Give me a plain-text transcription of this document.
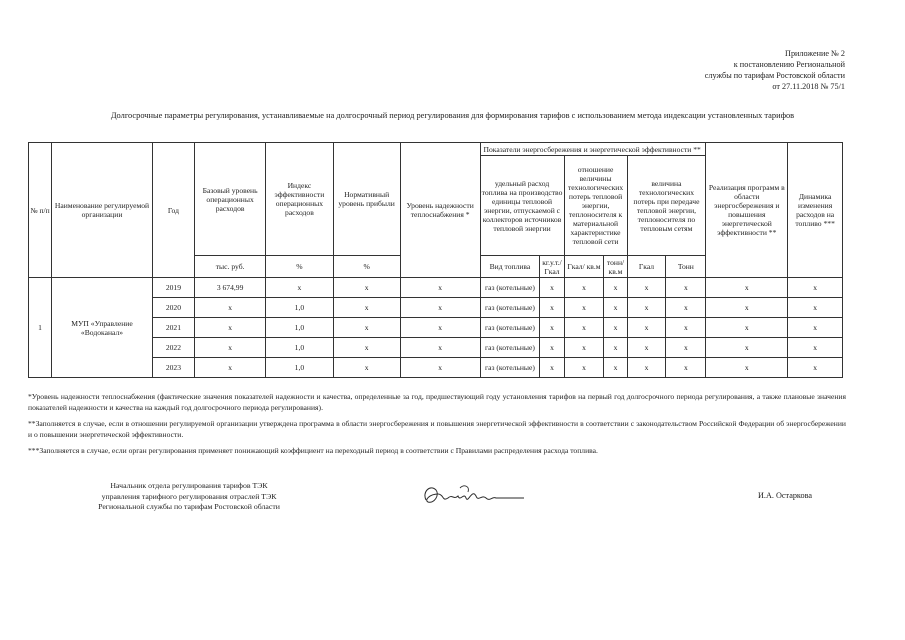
Приложение № 2
к постановлению Региональной
службы по тарифам Ростовской области
от 27.11.2018 № 75/1
Долгосрочные параметры регулирования, устанавливаемые на долгосрочный период регулирования для формирования тарифов с использованием метода индексации установленных тарифов
№ п/п	Наименование регулируемой организации	Год	Базовый уровень операционных расходов	Индекс эффективности операционных расходов	Нормативный уровень прибыли	Уровень надежности теплоснабжения *	Показатели энергосбережения и энергетической эффективности **						Реализация программ в области энергосбережения и повышения энергетической эффективности **	Динамика изменения расходов на топливо ***
							удельный расход топлива на производство единицы тепловой энергии, отпускаемой с коллекторов источников тепловой энергии		отношение величины технологических потерь тепловой энергии, теплоносителя к материальной характеристике тепловой сети		величина технологических потерь при передаче тепловой энергии, теплоносителя по тепловым сетям			
			тыс. руб.	%	%		Вид топлива	кг.у.т./Гкал	Гкал/ кв.м	тонн/кв.м	Гкал	Тонн		
1	МУП «Управление «Водоканал»	2019	3 674,99	x	x	x	газ (котельные)	x	x	x	x	x	x	x
		2020	x	1,0	x	x	газ (котельные)	x	x	x	x	x	x	x
		2021	x	1,0	x	x	газ (котельные)	x	x	x	x	x	x	x
		2022	x	1,0	x	x	газ (котельные)	x	x	x	x	x	x	x
		2023	x	1,0	x	x	газ (котельные)	x	x	x	x	x	x	x

*Уровень надежности теплоснабжения (фактические значения показателей надежности и качества, определенные за год, предшествующий году установления тарифов на первый год долгосрочного периода регулирования, а также плановые значения показателей надежности и качества на каждый год долгосрочного периода регулирования).

**Заполняется в случае, если в отношении регулируемой организации утверждена программа в области энергосбережения и повышения энергетической эффективности в соответствии с законодательством Российской Федерации об энергосбережении и о повышении энергетической эффективности.

***Заполняется в случае, если орган регулирования применяет понижающий коэффициент на переходный период в соответствии с Правилами распределения расхода топлива.

Начальник отдела регулирования тарифов ТЭК
управления тарифного регулирования отраслей ТЭК
Региональной службы по тарифам Ростовской области
И.А. Остаркова
